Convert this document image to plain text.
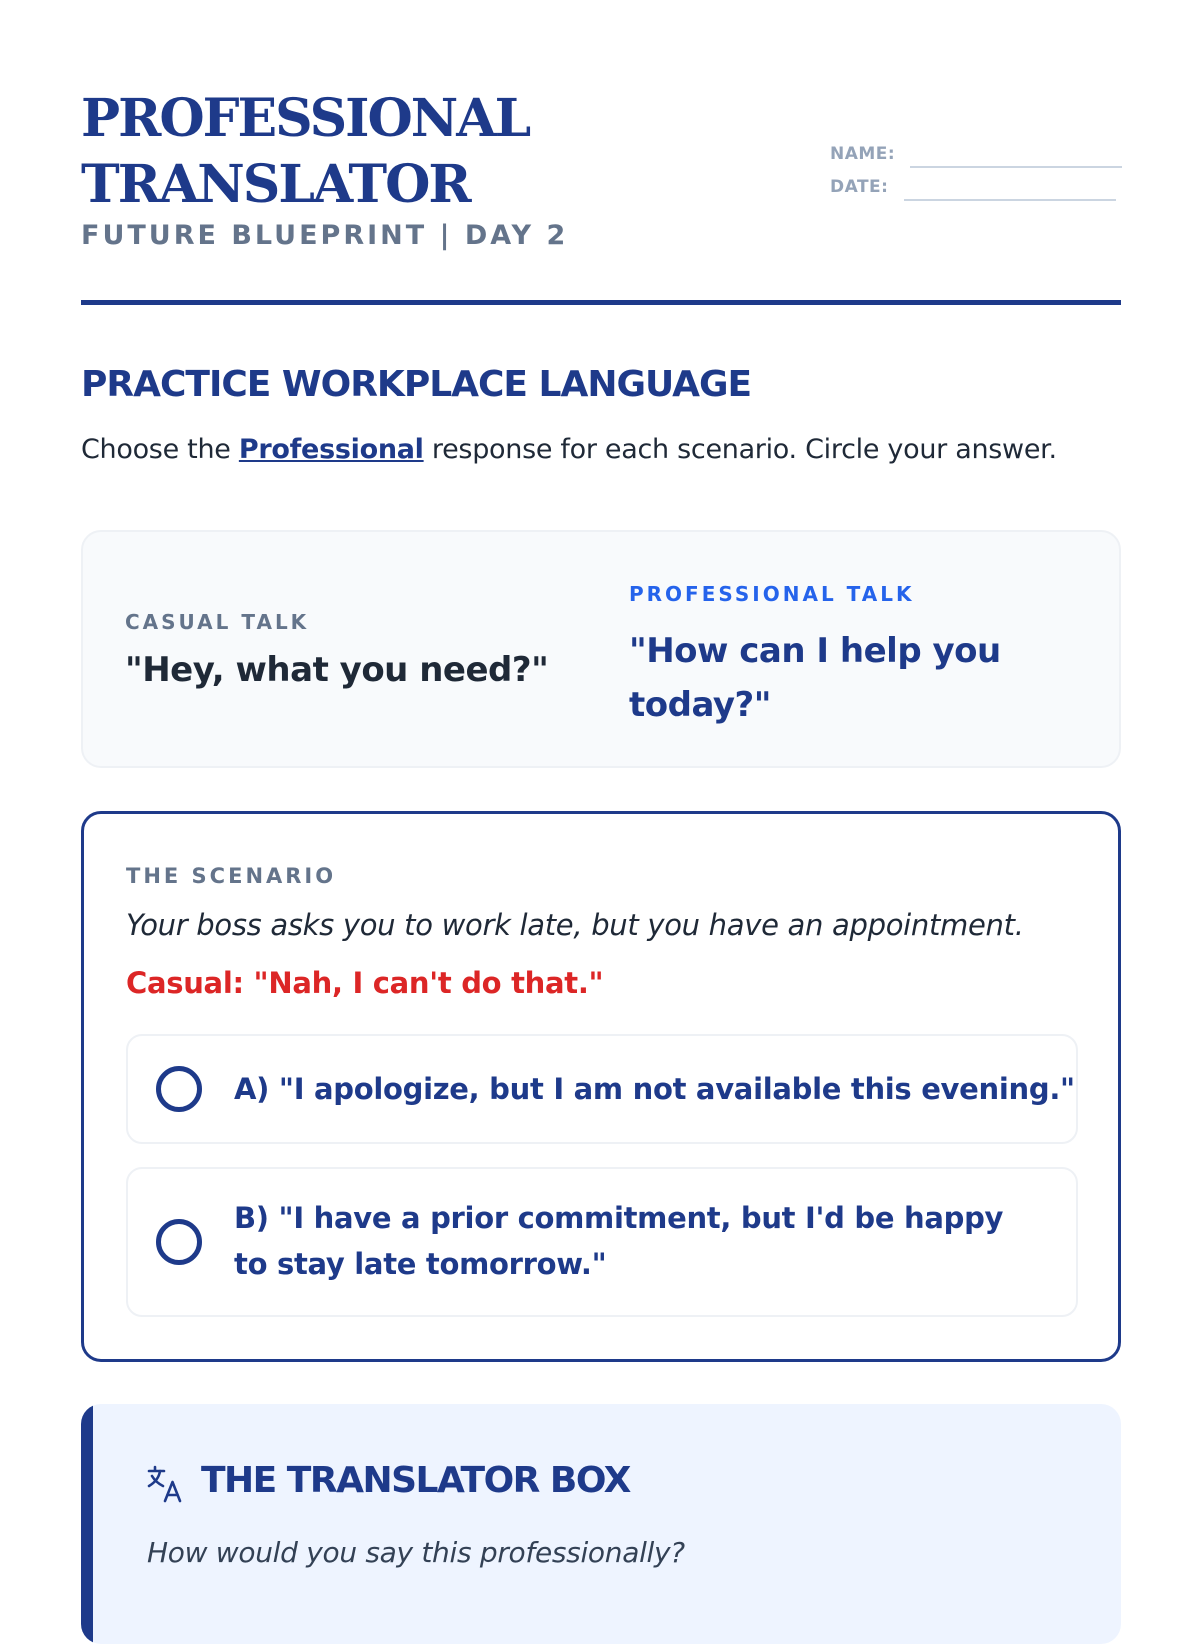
PROFESSIONAL
TRANSLATOR
FUTURE BLUEPRINT | DAY 2
NAME:
DATE:
PRACTICE WORKPLACE LANGUAGE
Choose the Professional response for each scenario. Circle your answer.
CASUAL TALK
"Hey, what you need?"
PROFESSIONAL TALK
"How can I help you today?"
THE SCENARIO
Your boss asks you to work late, but you have an appointment.
Casual: "Nah, I can't do that."
A) "I apologize, but I am not available this evening."
B) "I have a prior commitment, but I'd be happy to stay late tomorrow."
THE TRANSLATOR BOX
How would you say this professionally?
